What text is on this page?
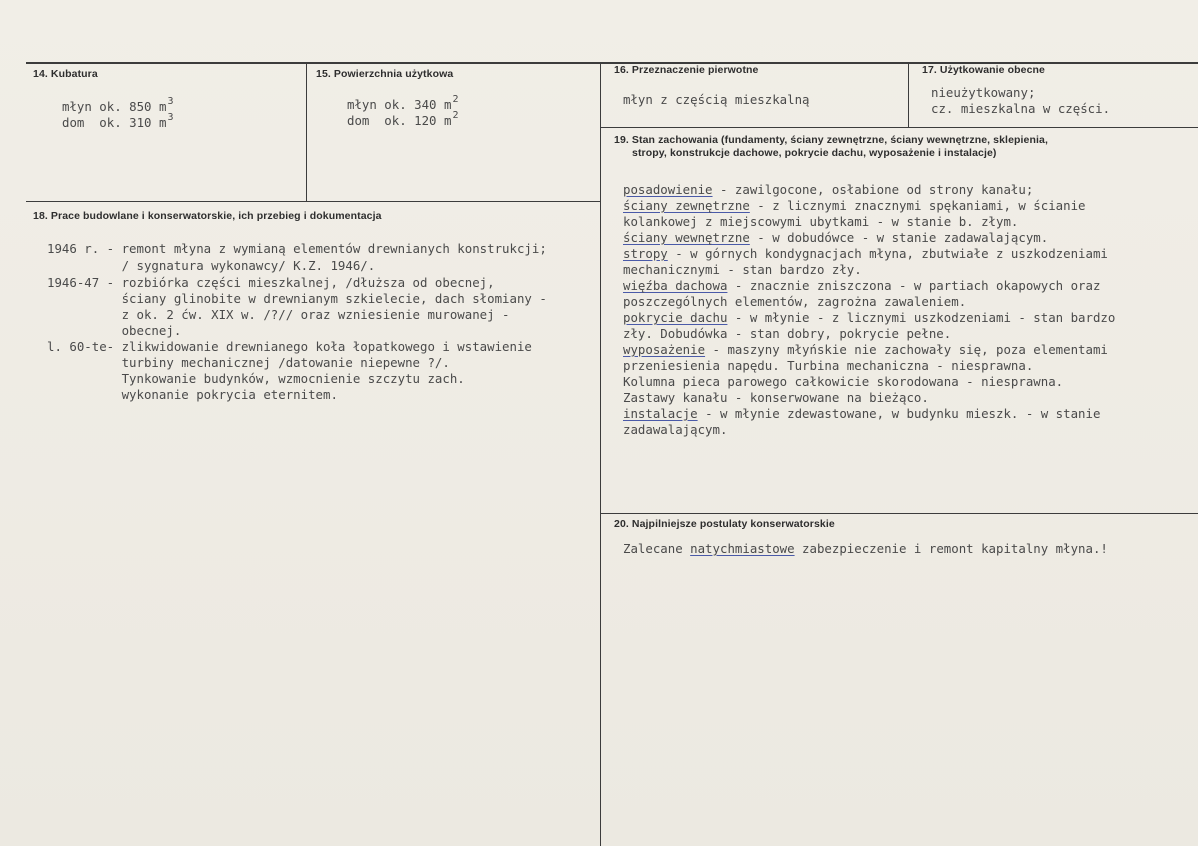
14. Kubatura
młyn ok. 850 $m^3$
dom  ok. 310 $m^3$
15. Powierzchnia użytkowa
młyn ok. 340 $m^2$
dom  ok. 120 $m^2$
16. Przeznaczenie pierwotne
młyn z częścią mieszkalną
17. Użytkowanie obecne
nieużytkowany;
cz. mieszkalna w części.
18. Prace budowlane i konserwatorskie, ich przebieg i dokumentacja
1946 r. - remont młyna z wymianą elementów drewnianych konstrukcji;
/ sygnatura wykonawcy/ K.Z. 1946/.
1946-47 - rozbiórka części mieszkalnej, /dłuższa od obecnej,
ściany glinobite w drewnianym szkielecie, dach słomiany -
z ok. 2 ćw. XIX w. /?// oraz wzniesienie murowanej -
obecnej.
l. 60-te- zlikwidowanie drewnianego koła łopatkowego i wstawienie
turbiny mechanicznej /datowanie niepewne ?/.
Tynkowanie budynków, wzmocnienie szczytu zach.
wykonanie pokrycia eternitem.
19. Stan zachowania (fundamenty, ściany zewnętrzne, ściany wewnętrzne, sklepienia,
stropy, konstrukcje dachowe, pokrycie dachu, wyposażenie i instalacje)
posadowienie - zawilgocone, osłabione od strony kanału;
ściany zewnętrzne - z licznymi znacznymi spękaniami, w ścianie
kolankowej z miejscowymi ubytkami - w stanie b. złym.
ściany wewnętrzne - w dobudówce - w stanie zadawalającym.
stropy - w górnych kondygnacjach młyna, zbutwiałe z uszkodzeniami
mechanicznymi - stan bardzo zły.
więźba dachowa - znacznie zniszczona - w partiach okapowych oraz
poszczególnych elementów, zagrożna zawaleniem.
pokrycie dachu - w młynie - z licznymi uszkodzeniami - stan bardzo
zły. Dobudówka - stan dobry, pokrycie pełne.
wyposażenie - maszyny młyńskie nie zachowały się, poza elementami
przeniesienia napędu. Turbina mechaniczna - niesprawna.
Kolumna pieca parowego całkowicie skorodowana - niesprawna.
Zastawy kanału - konserwowane na bieżąco.
instalacje - w młynie zdewastowane, w budynku mieszk. - w stanie
zadawalającym.
20. Najpilniejsze postulaty konserwatorskie
Zalecane natychmiastowe zabezpieczenie i remont kapitalny młyna.!
